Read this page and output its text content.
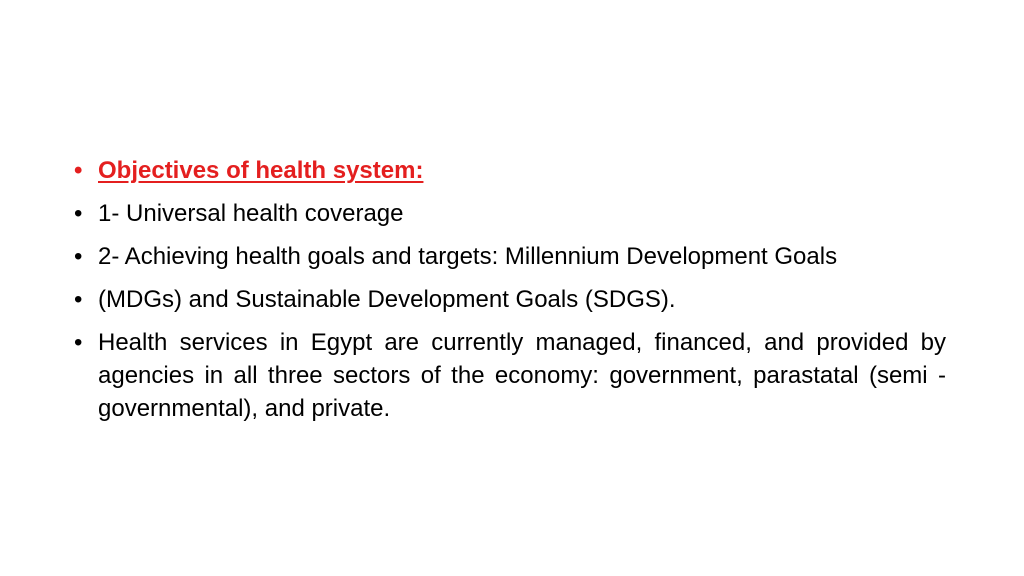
• Objectives of health system:
• 1- Universal health coverage
• 2- Achieving health goals and targets: Millennium Development Goals
• (MDGs) and Sustainable Development Goals (SDGS).
• Health services in Egypt are currently managed, financed, and provided by agencies in all three sectors of the economy: government, parastatal (semi -governmental), and private.
